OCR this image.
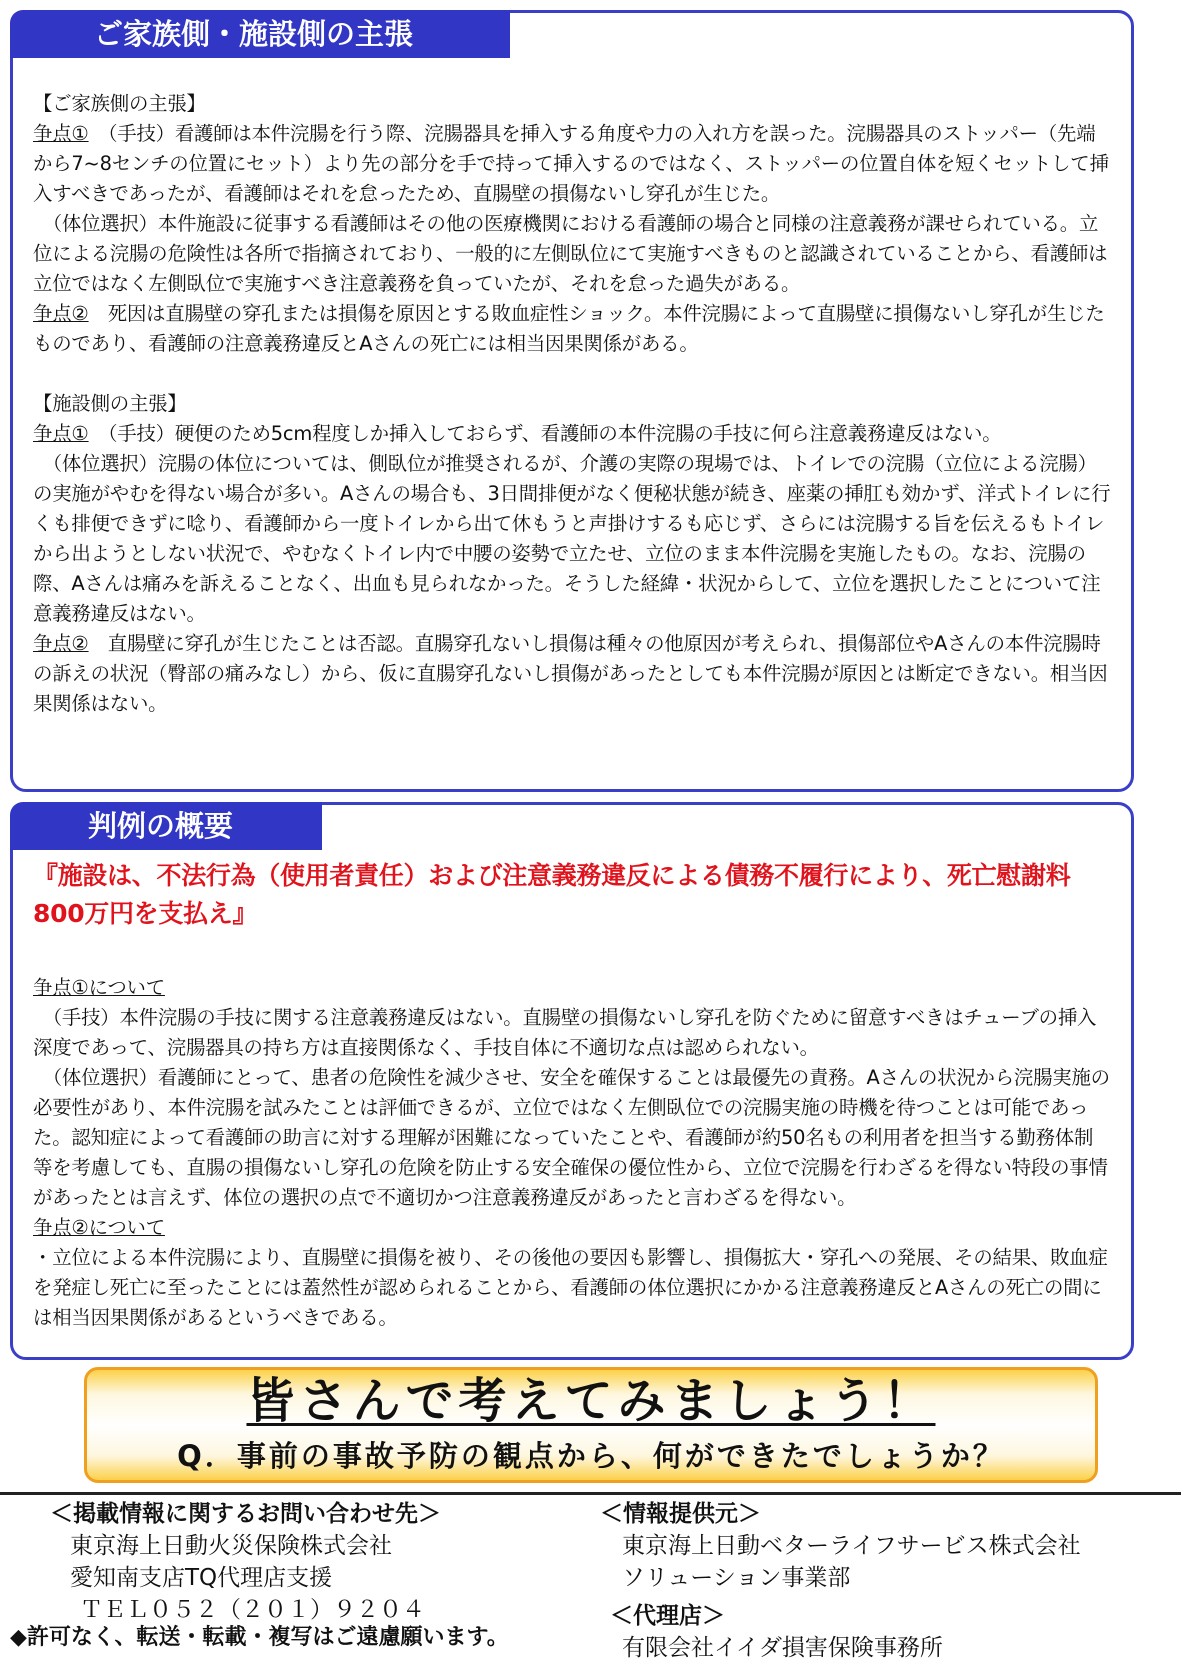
ご家族側・施設側の主張

【ご家族側の主張】

争点①　（手技）看護師は本件浣腸を行う際、浣腸器具を挿入する角度や力の入れ方を誤った。浣腸器具のストッパー（先端から7~8センチの位置にセット）より先の部分を手で持って挿入するのではなく、ストッパーの位置自体を短くセットして挿入すべきであったが、看護師はそれを怠ったため、直腸壁の損傷ないし穿孔が生じた。

（体位選択）本件施設に従事する看護師はその他の医療機関における看護師の場合と同様の注意義務が課せられている。立位による浣腸の危険性は各所で指摘されており、一般的に左側臥位にて実施すべきものと認識されていることから、看護師は立位ではなく左側臥位で実施すべき注意義務を負っていたが、それを怠った過失がある。

争点②　死因は直腸壁の穿孔または損傷を原因とする敗血症性ショック。本件浣腸によって直腸壁に損傷ないし穿孔が生じたものであり、看護師の注意義務違反とAさんの死亡には相当因果関係がある。

【施設側の主張】

争点①　（手技）硬便のため5cm程度しか挿入しておらず、看護師の本件浣腸の手技に何ら注意義務違反はない。

（体位選択）浣腸の体位については、側臥位が推奨されるが、介護の実際の現場では、トイレでの浣腸（立位による浣腸）の実施がやむを得ない場合が多い。Aさんの場合も、3日間排便がなく便秘状態が続き、座薬の挿肛も効かず、洋式トイレに行くも排便できずに唸り、看護師から一度トイレから出て休もうと声掛けするも応じず、さらには浣腸する旨を伝えるもトイレから出ようとしない状況で、やむなくトイレ内で中腰の姿勢で立たせ、立位のまま本件浣腸を実施したもの。なお、浣腸の際、Aさんは痛みを訴えることなく、出血も見られなかった。そうした経緯・状況からして、立位を選択したことについて注意義務違反はない。

争点②　直腸壁に穿孔が生じたことは否認。直腸穿孔ないし損傷は種々の他原因が考えられ、損傷部位やAさんの本件浣腸時の訴えの状況（臀部の痛みなし）から、仮に直腸穿孔ないし損傷があったとしても本件浣腸が原因とは断定できない。相当因果関係はない。

判例の概要
『施設は、不法行為（使用者責任）および注意義務違反による債務不履行により、死亡慰謝料800万円を支払え』

争点①について

（手技）本件浣腸の手技に関する注意義務違反はない。直腸壁の損傷ないし穿孔を防ぐために留意すべきはチューブの挿入深度であって、浣腸器具の持ち方は直接関係なく、手技自体に不適切な点は認められない。

（体位選択）看護師にとって、患者の危険性を減少させ、安全を確保することは最優先の責務。Aさんの状況から浣腸実施の必要性があり、本件浣腸を試みたことは評価できるが、立位ではなく左側臥位での浣腸実施の時機を待つことは可能であった。認知症によって看護師の助言に対する理解が困難になっていたことや、看護師が約50名もの利用者を担当する勤務体制等を考慮しても、直腸の損傷ないし穿孔の危険を防止する安全確保の優位性から、立位で浣腸を行わざるを得ない特段の事情があったとは言えず、体位の選択の点で不適切かつ注意義務違反があったと言わざるを得ない。

争点②について

・立位による本件浣腸により、直腸壁に損傷を被り、その後他の要因も影響し、損傷拡大・穿孔への発展、その結果、敗血症を発症し死亡に至ったことには蓋然性が認められることから、看護師の体位選択にかかる注意義務違反とAさんの死亡の間には相当因果関係があるというべきである。

皆さんで考えてみましょう！
Q．事前の事故予防の観点から、何ができたでしょうか？
＜掲載情報に関するお問い合わせ先＞
東京海上日動火災保険株式会社
愛知南支店TQ代理店支援
ＴＥＬ０５２（２０１）９２０４
＜情報提供元＞
東京海上日動ベターライフサービス株式会社
ソリューション事業部
＜代理店＞
有限会社イイダ損害保険事務所
◆許可なく、転送・転載・複写はご遠慮願います。
